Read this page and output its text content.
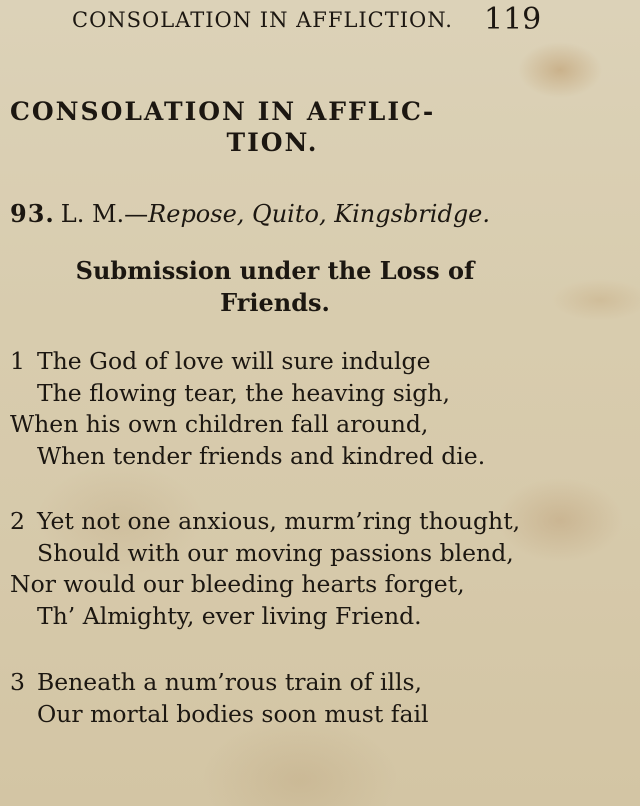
CONSOLATION IN AFFLICTION. 119
CONSOLATION IN AFFLIC-
TION.
93. L. M.—Repose, Quito, Kingsbridge.
Submission under the Loss of
Friends.
1 The God of love will sure indulge
The flowing tear, the heaving sigh,
When his own children fall around,
When tender friends and kindred die.
2 Yet not one anxious, murm’ring thought,
Should with our moving passions blend,
Nor would our bleeding hearts forget,
Th’ Almighty, ever living Friend.
3 Beneath a num’rous train of ills,
Our mortal bodies soon must fail
